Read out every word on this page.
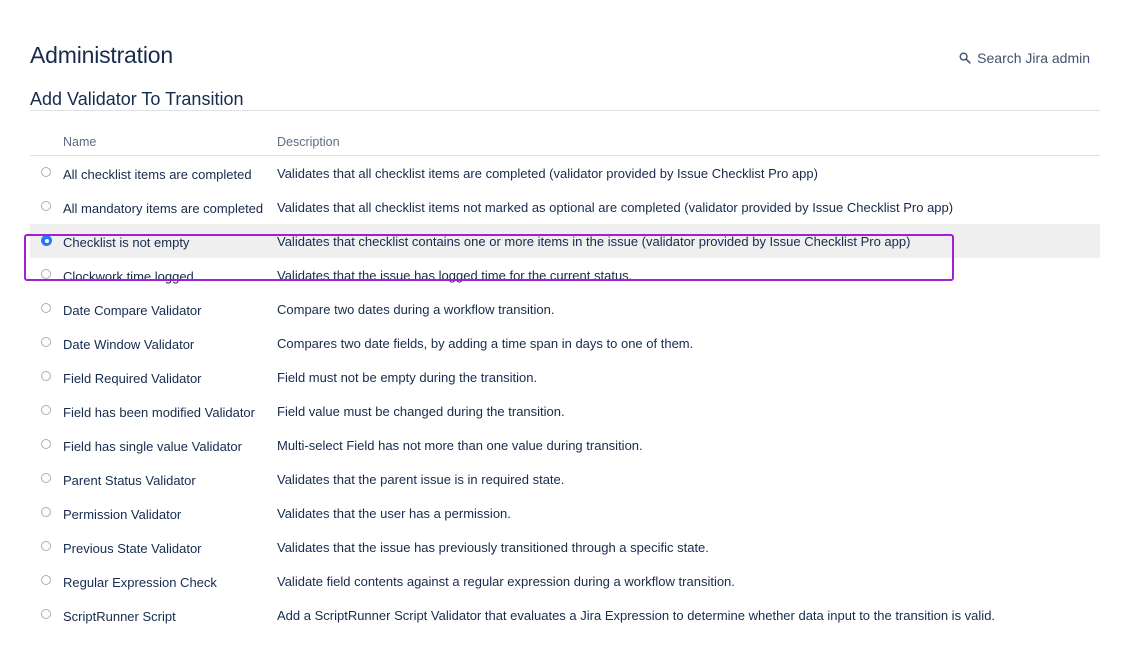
Administration	Search Jira admin
Add Validator To Transition
Name	Description
All checklist items are completed	Validates that all checklist items are completed (validator provided by Issue Checklist Pro app)
All mandatory items are completed	Validates that all checklist items not marked as optional are completed (validator provided by Issue Checklist Pro app)
Checklist is not empty	Validates that checklist contains one or more items in the issue (validator provided by Issue Checklist Pro app)
Clockwork time logged	Validates that the issue has logged time for the current status.
Date Compare Validator	Compare two dates during a workflow transition.
Date Window Validator	Compares two date fields, by adding a time span in days to one of them.
Field Required Validator	Field must not be empty during the transition.
Field has been modified Validator	Field value must be changed during the transition.
Field has single value Validator	Multi-select Field has not more than one value during transition.
Parent Status Validator	Validates that the parent issue is in required state.
Permission Validator	Validates that the user has a permission.
Previous State Validator	Validates that the issue has previously transitioned through a specific state.
Regular Expression Check	Validate field contents against a regular expression during a workflow transition.
ScriptRunner Script	Add a ScriptRunner Script Validator that evaluates a Jira Expression to determine whether data input to the transition is valid.
